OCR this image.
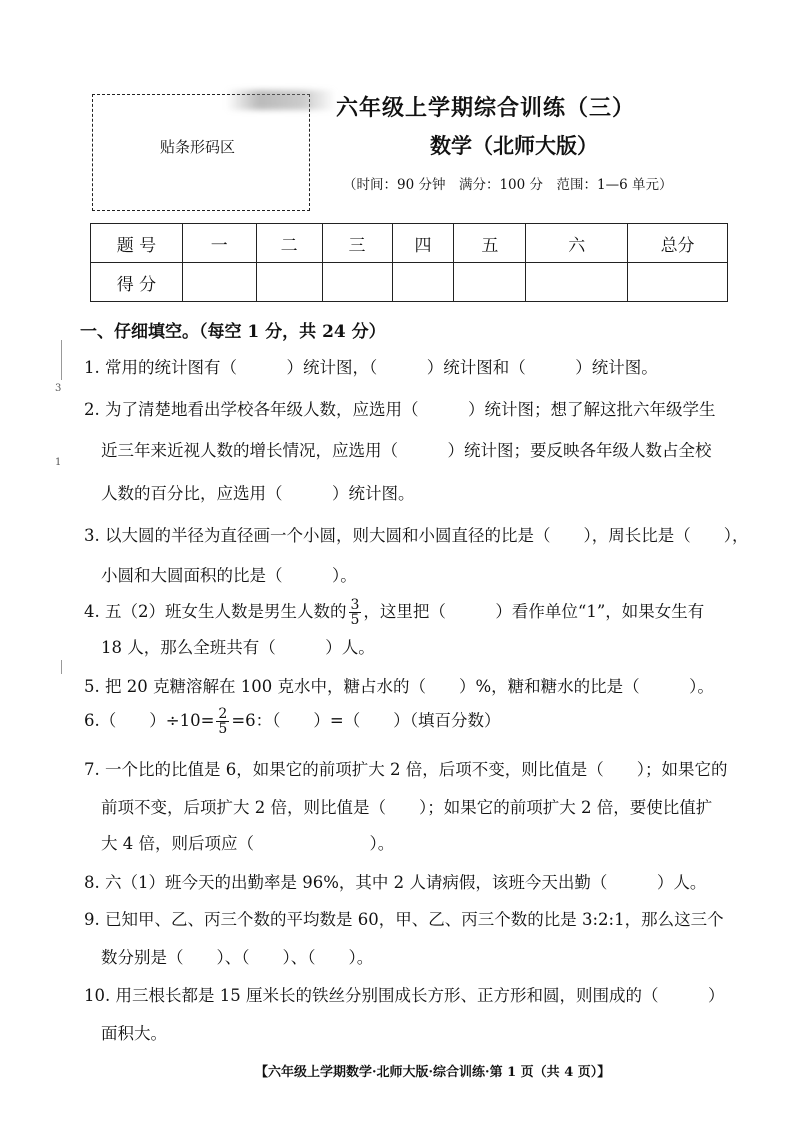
贴条形码区
六年级上学期综合训练（三）
数学（北师大版）
（时间：90 分钟　满分：100 分　范围：1—6 单元）
3
1
题 号	一	二	三	四	五	六	总分
得 分							
一、仔细填空。（每空 1 分，共 24 分）
1. 常用的统计图有（　　　）统计图，（　　　）统计图和（　　　）统计图。
2. 为了清楚地看出学校各年级人数，应选用（　　　）统计图；想了解这批六年级学生
近三年来近视人数的增长情况，应选用（　　　）统计图；要反映各年级人数占全校
人数的百分比，应选用（　　　）统计图。
3. 以大圆的半径为直径画一个小圆，则大圆和小圆直径的比是（　　），周长比是（　　），
小圆和大圆面积的比是（　　　）。
4. 五（2）班女生人数是男生人数的 $\frac{3}{5}$ ，这里把（　　　）看作单位“1”，如果女生有
18 人，那么全班共有（　　　）人。
5. 把 20 克糖溶解在 100 克水中，糖占水的（　　）%，糖和糖水的比是（　　　）。
6.（　　）$\div 10= \frac{2}{5} =6$：（　　）=（　　）（填百分数）
7. 一个比的比值是 6，如果它的前项扩大 2 倍，后项不变，则比值是（　　）；如果它的
前项不变，后项扩大 2 倍，则比值是（　　）；如果它的前项扩大 2 倍，要使比值扩
大 4 倍，则后项应（　　　　　　　）。
8. 六（1）班今天的出勤率是 96%，其中 2 人请病假，该班今天出勤（　　　）人。
9. 已知甲、乙、丙三个数的平均数是 60，甲、乙、丙三个数的比是 3:2:1，那么这三个
数分别是（　　）、（　　）、（　　）。
10. 用三根长都是 15 厘米长的铁丝分别围成长方形、正方形和圆，则围成的（　　　）
面积大。
【六年级上学期数学·北师大版·综合训练·第 1 页（共 4 页）】
